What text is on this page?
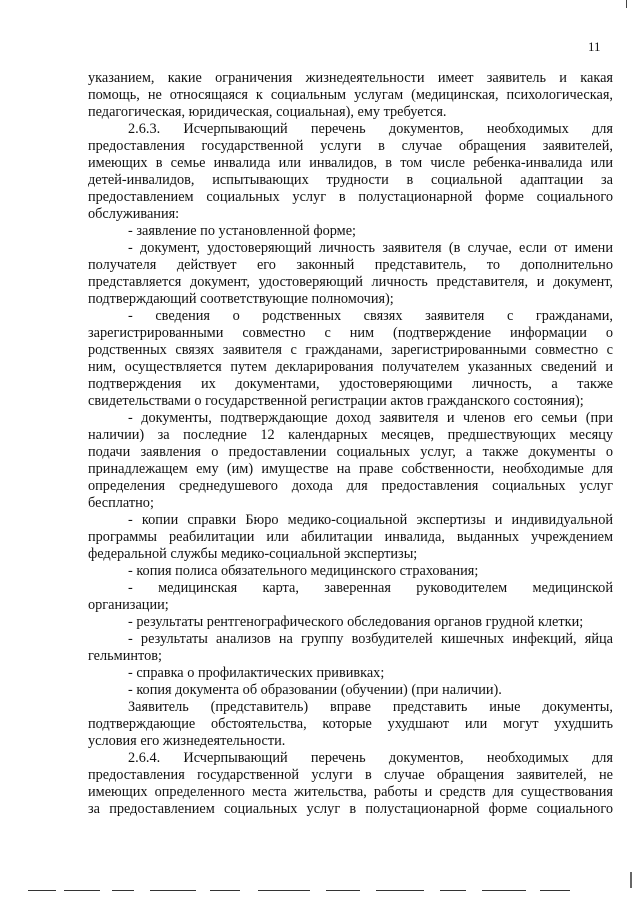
11
указанием, какие ограничения жизнедеятельности имеет заявитель и какая
помощь, не относящаяся к социальным услугам (медицинская, психологическая,
педагогическая, юридическая, социальная), ему требуется.
2.6.3. Исчерпывающий перечень документов, необходимых для
предоставления государственной услуги в случае обращения заявителей,
имеющих в семье инвалида или инвалидов, в том числе ребенка-инвалида или
детей-инвалидов, испытывающих трудности в социальной адаптации за
предоставлением социальных услуг в полустационарной форме социального
обслуживания:
- заявление по установленной форме;
- документ, удостоверяющий личность заявителя (в случае, если от имени
получателя действует его законный представитель, то дополнительно
представляется документ, удостоверяющий личность представителя, и документ,
подтверждающий соответствующие полномочия);
- сведения о родственных связях заявителя с гражданами,
зарегистрированными совместно с ним (подтверждение информации о
родственных связях заявителя с гражданами, зарегистрированными совместно с
ним, осуществляется путем декларирования получателем указанных сведений и
подтверждения их документами, удостоверяющими личность, а также
свидетельствами о государственной регистрации актов гражданского состояния);
- документы, подтверждающие доход заявителя и членов его семьи (при
наличии) за последние 12 календарных месяцев, предшествующих месяцу
подачи заявления о предоставлении социальных услуг, а также документы о
принадлежащем ему (им) имуществе на праве собственности, необходимые для
определения среднедушевого дохода для предоставления социальных услуг
бесплатно;
- копии справки Бюро медико-социальной экспертизы и индивидуальной
программы реабилитации или абилитации инвалида, выданных учреждением
федеральной службы медико-социальной экспертизы;
- копия полиса обязательного медицинского страхования;
- медицинская карта, заверенная руководителем медицинской
организации;
- результаты рентгенографического обследования органов грудной клетки;
- результаты анализов на группу возбудителей кишечных инфекций, яйца
гельминтов;
- справка о профилактических прививках;
- копия документа об образовании (обучении) (при наличии).
Заявитель (представитель) вправе представить иные документы,
подтверждающие обстоятельства, которые ухудшают или могут ухудшить
условия его жизнедеятельности.
2.6.4. Исчерпывающий перечень документов, необходимых для
предоставления государственной услуги в случае обращения заявителей, не
имеющих определенного места жительства, работы и средств для существования
за предоставлением социальных услуг в полустационарной форме социального
